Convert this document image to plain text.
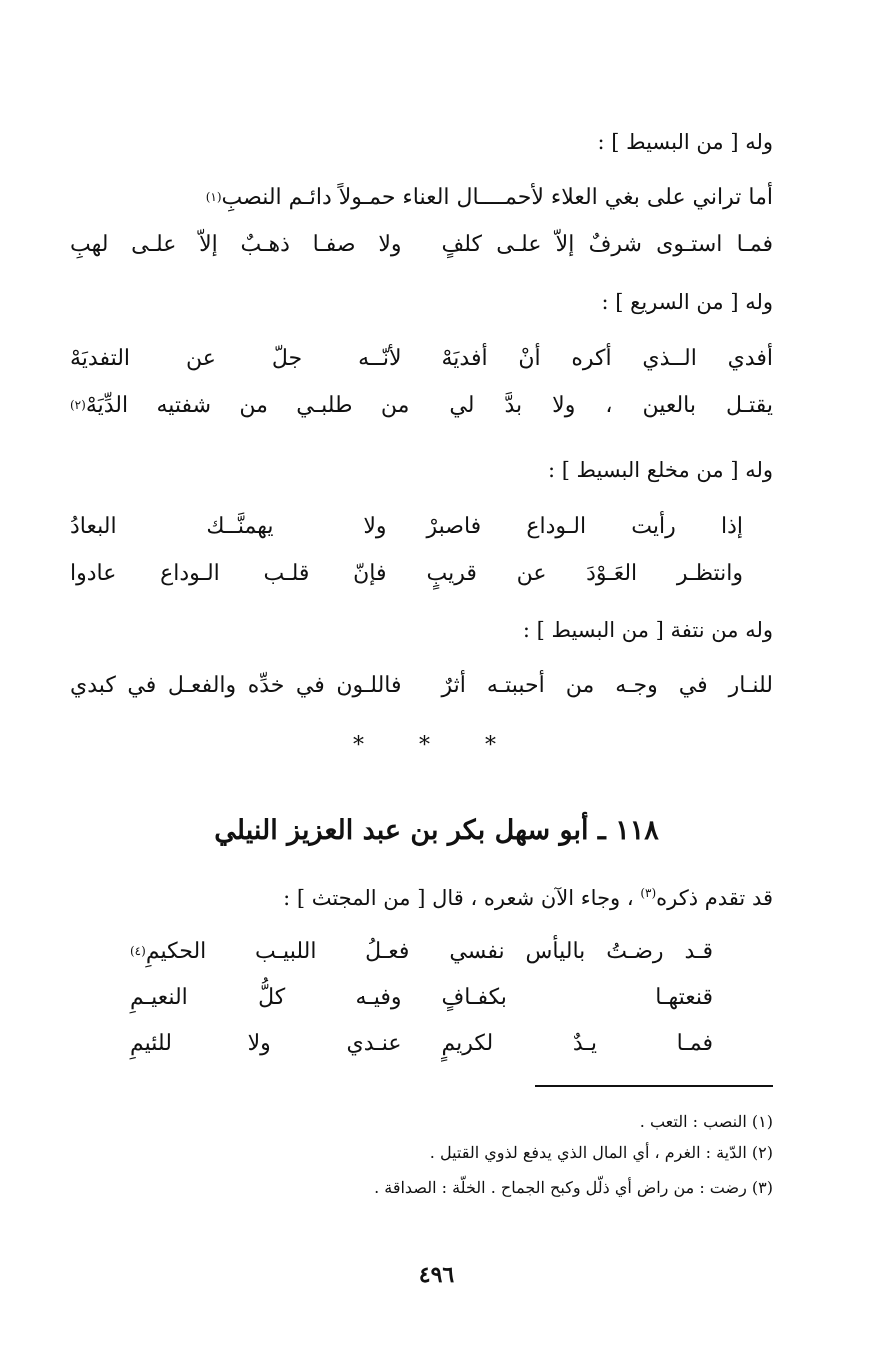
وله [ من البسيط ] :
أما تراني على بغي العلاء لأحمــــال العناء حمـولاً دائـم النصبِ
(١)
فمـا استـوى شرفٌ إلاّ علـى كلفٍ
ولا صفـا ذهـبٌ إلاّ علـى لهبِ
وله [ من السريع ] :
أفدي الــذي أكره أنْ أفديَهْ
لأنّــه جلّ عن التفديَهْ
يقتـل بالعين ، ولا بدَّ لي
من طلبـي من شفتيه الدِّيَهْ
(٢)
وله [ من مخلع البسيط ] :
إذا رأيت الـوداع فاصبرْ
ولا يهمنَّــك البعادُ
وانتظـر العَـوْدَ عن قريبٍ
فإنّ قلـب الـوداع عادوا
وله من نتفة [ من البسيط ] :
للنـار في وجـه من أحببتـه أثرٌ
فاللـون في خدِّه والفعـل في كبدي
* * *
١١٨ ـ أبو سهل بكر بن عبد العزيز النيلي
قد تقدم ذكره$^{(٣)}$ ، وجاء الآن شعره ، قال [ من المجتث ] :
قـد رضـتُ باليأس نفسي
فعـلُ اللبيـب الحكيمِ
(٤)
قنعتهـا بكفـافٍ
وفيـه كلُّ النعيـمِ
فمـا يـدٌ لكريمٍ
عنـدي ولا للئيمِ
(١) النصب : التعب .
(٢) الدّية : الغرم ، أي المال الذي يدفع لذوي القتيل .
(٣) رضت : من راض أي ذلّل وكبح الجماح . الخلّة : الصداقة .
٤٩٦
